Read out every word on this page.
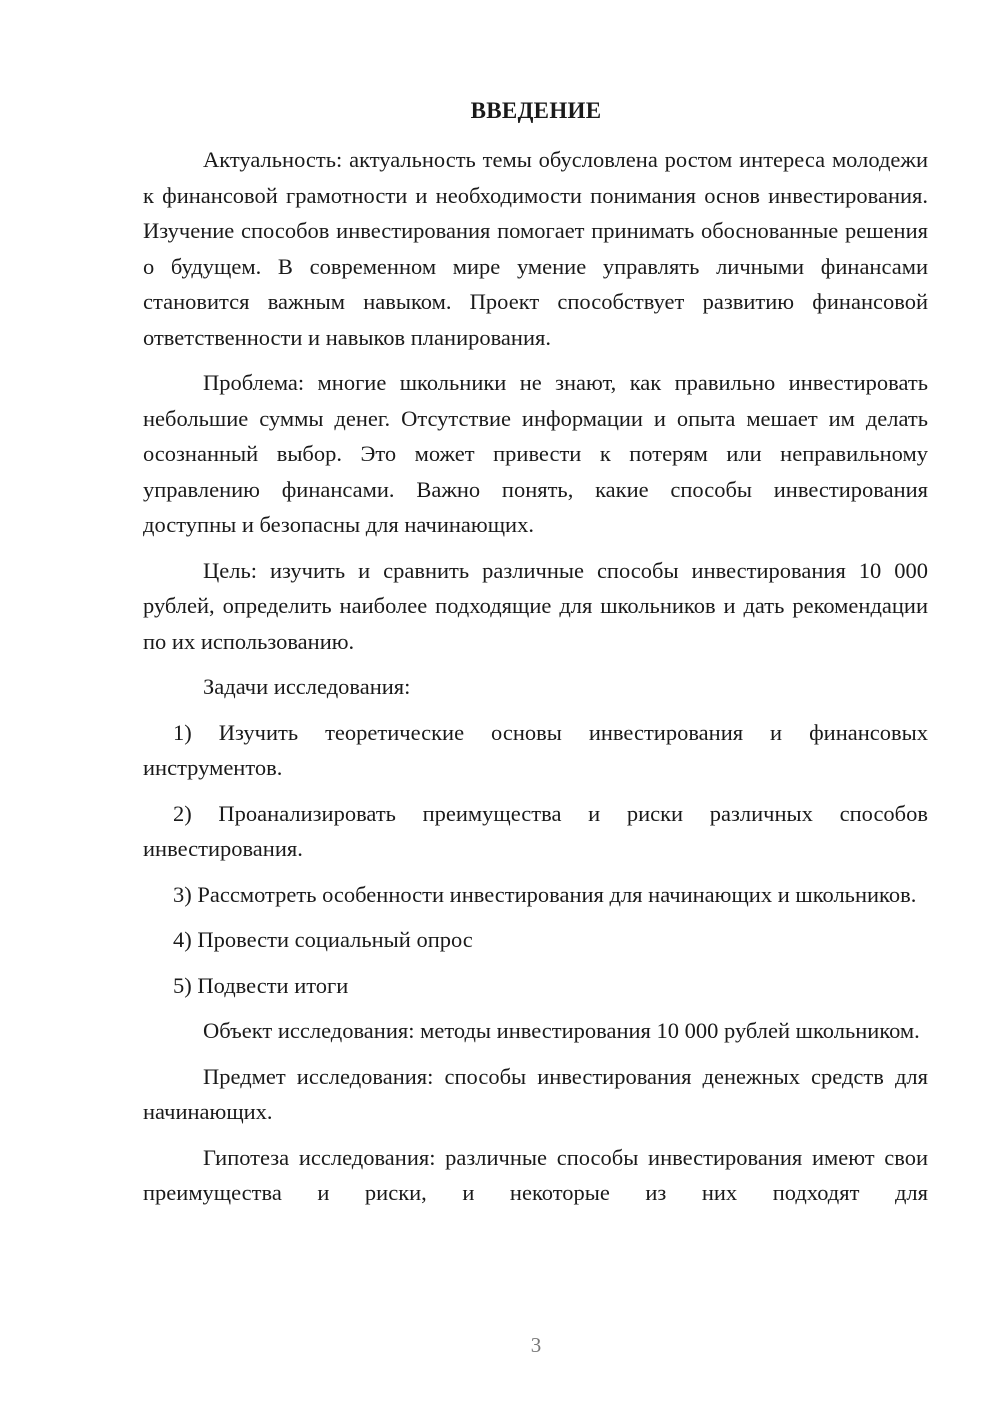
ВВЕДЕНИЕ

Актуальность: актуальность темы обусловлена ростом интереса молодежи к финансовой грамотности и необходимости понимания основ инвестирования. Изучение способов инвестирования помогает принимать обоснованные решения о будущем. В современном мире умение управлять личными финансами становится важным навыком. Проект способствует развитию финансовой ответственности и навыков планирования.

Проблема: многие школьники не знают, как правильно инвестировать небольшие суммы денег. Отсутствие информации и опыта мешает им делать осознанный выбор. Это может привести к потерям или неправильному управлению финансами. Важно понять, какие способы инвестирования доступны и безопасны для начинающих.

Цель: изучить и сравнить различные способы инвестирования 10 000 рублей, определить наиболее подходящие для школьников и дать рекомендации по их использованию.

Задачи исследования:

1) Изучить теоретические основы инвестирования и финансовых инструментов.

2) Проанализировать преимущества и риски различных способов инвестирования.

3) Рассмотреть особенности инвестирования для начинающих и школьников.

4) Провести социальный опрос

5) Подвести итоги

Объект исследования: методы инвестирования 10 000 рублей школьником.

Предмет исследования: способы инвестирования денежных средств для начинающих.

Гипотеза исследования: различные способы инвестирования имеют свои преимущества и риски, и некоторые из них подходят для

3
